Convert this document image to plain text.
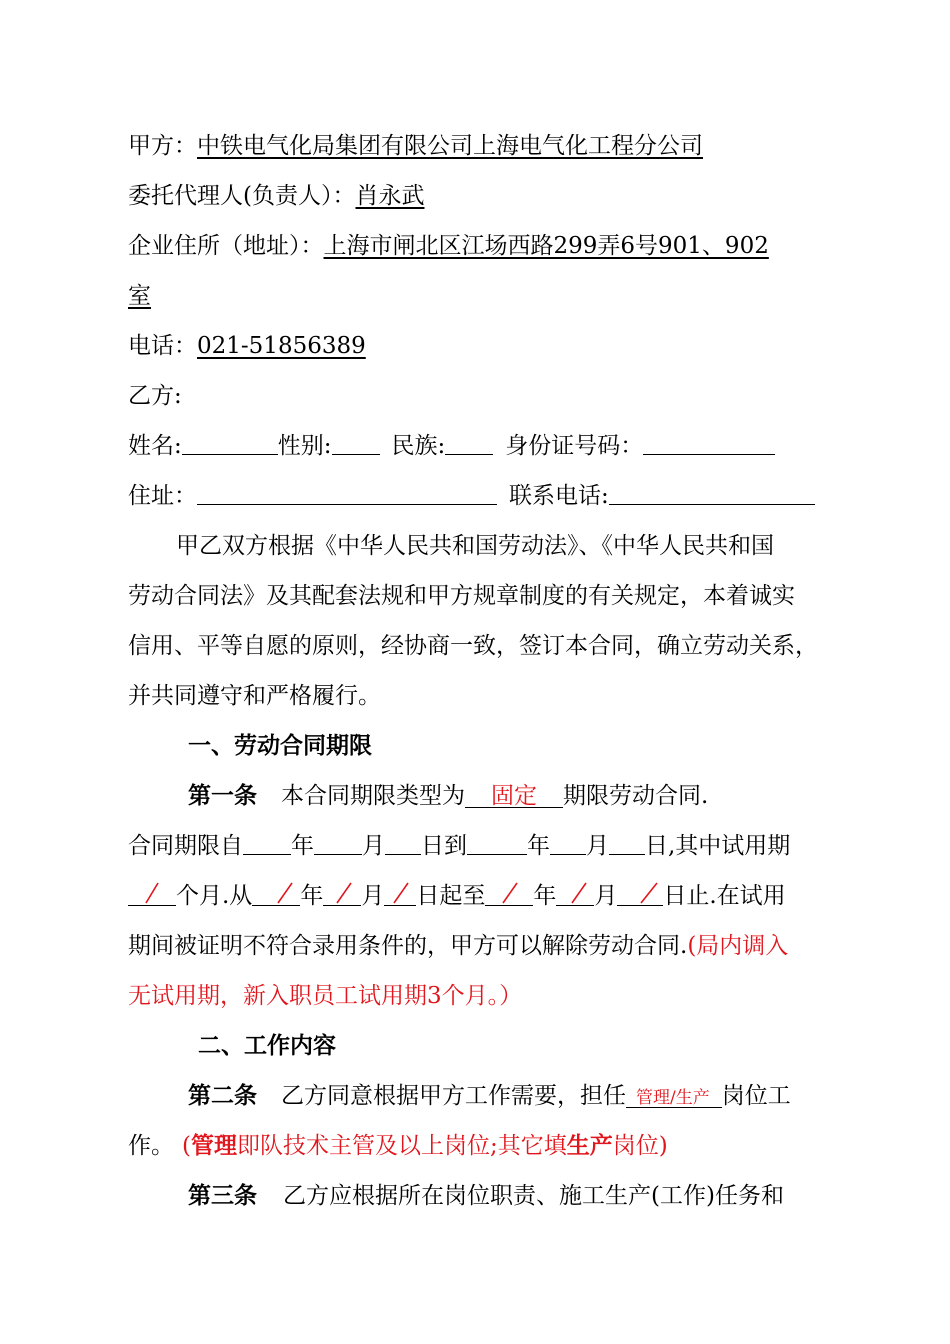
甲方：中铁电气化局集团有限公司上海电气化工程分公司
委托代理人(负责人）：肖永武
企业住所（地址）：上海市闸北区江场西路299弄6号901、902
室
电话：021-51856389
乙方:
姓名:	性别:	民族:	身份证号码：
住址：	联系电话:
甲乙双方根据《中华人民共和国劳动法》、《中华人民共和国
劳动合同法》及其配套法规和甲方规章制度的有关规定，本着诚实
信用、平等自愿的原则，经协商一致，签订本合同，确立劳动关系，
并共同遵守和严格履行。
一、劳动合同期限
第一条 本合同期限类型为 固定 期限劳动合同.
合同期限自 年 月 日到	年 月 日,其中试用期
个月.从 年 月 日起至 年 月 日止.在试用
期间被证明不符合录用条件的，甲方可以解除劳动合同.(局内调入
无试用期，新入职员工试用期3个月。）
二、工作内容
第二条 乙方同意根据甲方工作需要，担任 管理/生产 岗位工
作。 (管理即队技术主管及以上岗位;其它填生产岗位)
第三条 乙方应根据所在岗位职责、施工生产(工作)任务和
